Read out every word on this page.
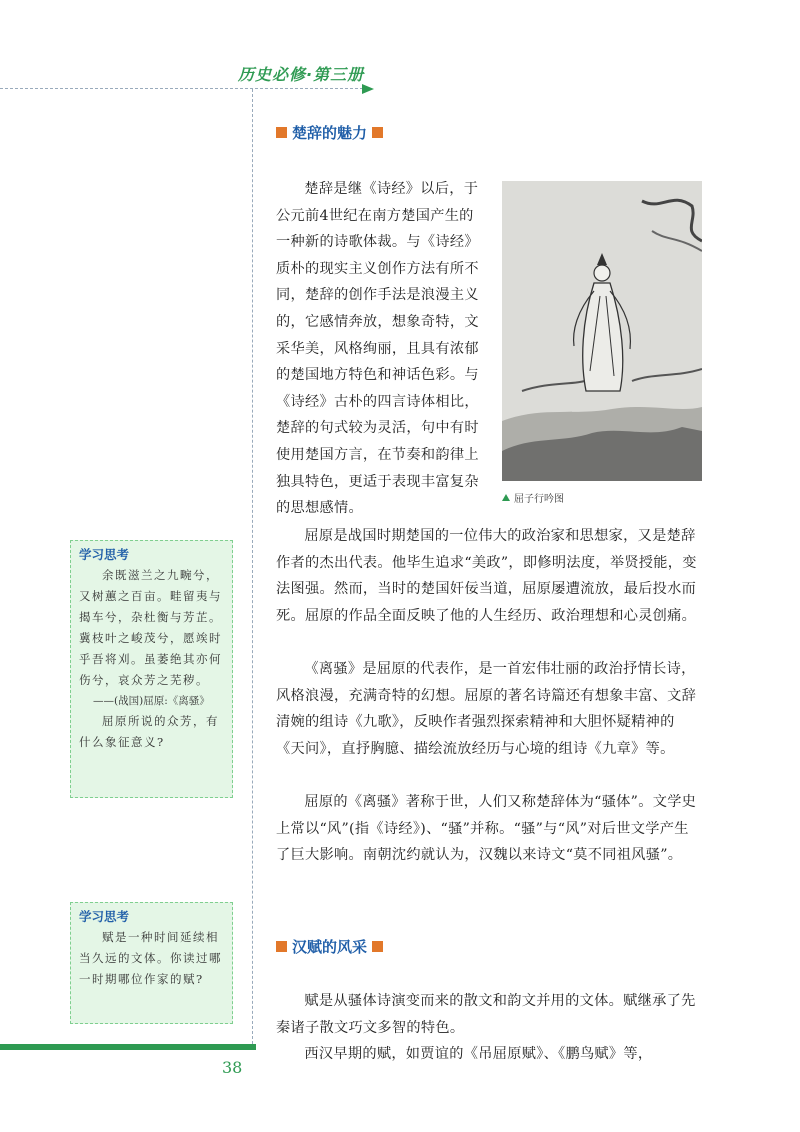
历史必修·第三册
楚辞的魅力

楚辞是继《诗经》以后，于公元前4世纪在南方楚国产生的一种新的诗歌体裁。与《诗经》质朴的现实主义创作方法有所不同，楚辞的创作手法是浪漫主义的，它感情奔放，想象奇特，文采华美，风格绚丽，且具有浓郁的楚国地方特色和神话色彩。与《诗经》古朴的四言诗体相比，楚辞的句式较为灵活，句中有时使用楚国方言，在节奏和韵律上独具特色，更适于表现丰富复杂的思想感情。

屈子行吟图

屈原是战国时期楚国的一位伟大的政治家和思想家，又是楚辞作者的杰出代表。他毕生追求“美政”，即修明法度，举贤授能，变法图强。然而，当时的楚国奸佞当道，屈原屡遭流放，最后投水而死。屈原的作品全面反映了他的人生经历、政治理想和心灵创痛。

《离骚》是屈原的代表作，是一首宏伟壮丽的政治抒情长诗，风格浪漫，充满奇特的幻想。屈原的著名诗篇还有想象丰富、文辞清婉的组诗《九歌》，反映作者强烈探索精神和大胆怀疑精神的《天问》，直抒胸臆、描绘流放经历与心境的组诗《九章》等。

屈原的《离骚》著称于世，人们又称楚辞体为“骚体”。文学史上常以“风”(指《诗经》)、“骚”并称。“骚”与“风”对后世文学产生了巨大影响。南朝沈约就认为，汉魏以来诗文“莫不同祖风骚”。

汉赋的风采

赋是从骚体诗演变而来的散文和韵文并用的文体。赋继承了先秦诸子散文巧文多智的特色。

西汉早期的赋，如贾谊的《吊屈原赋》、《鹏鸟赋》等，

学习思考

余既滋兰之九畹兮，又树蕙之百亩。畦留夷与揭车兮，杂杜衡与芳芷。冀枝叶之峻茂兮，愿竢时乎吾将刈。虽萎绝其亦何伤兮，哀众芳之芜秽。

——(战国)屈原:《离骚》

屈原所说的众芳，有什么象征意义?

学习思考

赋是一种时间延续相当久远的文体。你读过哪一时期哪位作家的赋?

38
